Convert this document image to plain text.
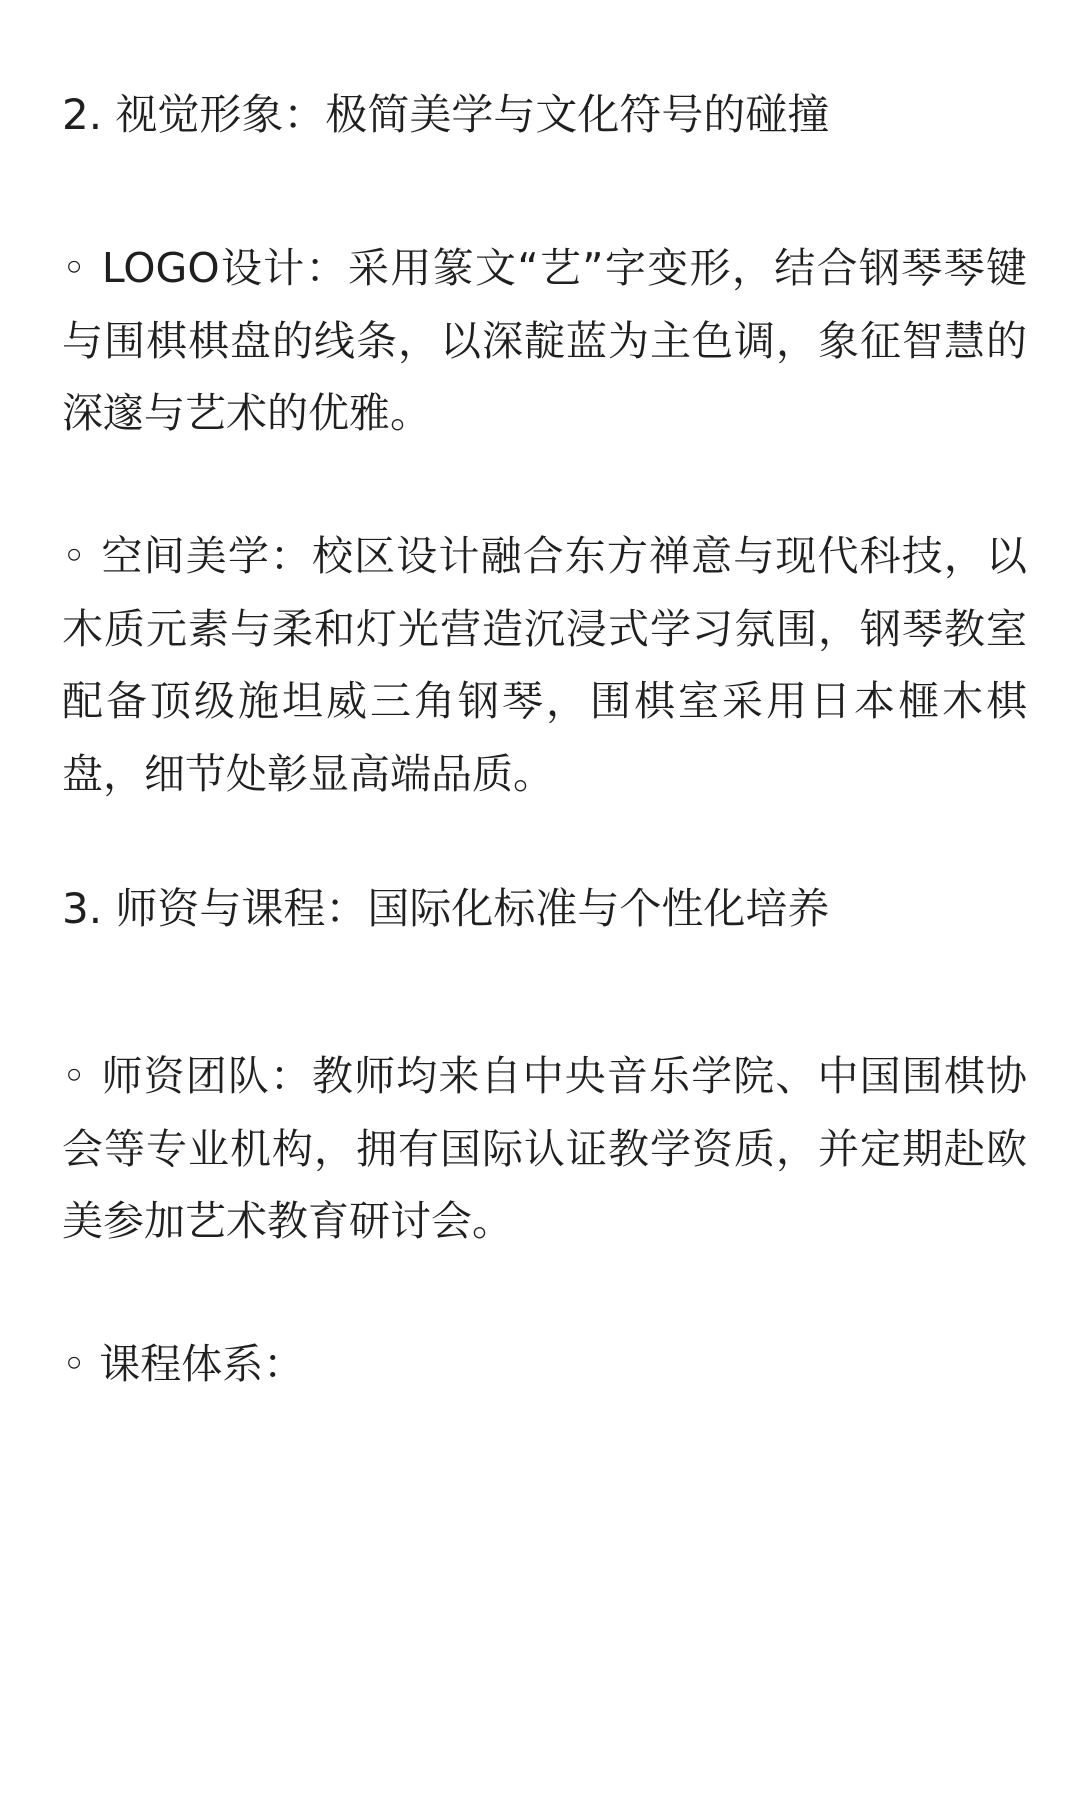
2. 视觉形象：极简美学与文化符号的碰撞

◦ LOGO设计：采用篆文“艺”字变形，结合钢琴琴键与围棋棋盘的线条，以深靛蓝为主色调，象征智慧的深邃与艺术的优雅。

◦ 空间美学：校区设计融合东方禅意与现代科技，以木质元素与柔和灯光营造沉浸式学习氛围，钢琴教室配备顶级施坦威三角钢琴，围棋室采用日本榧木棋盘，细节处彰显高端品质。

3. 师资与课程：国际化标准与个性化培养

◦ 师资团队：教师均来自中央音乐学院、中国围棋协会等专业机构，拥有国际认证教学资质，并定期赴欧美参加艺术教育研讨会。

◦ 课程体系：
